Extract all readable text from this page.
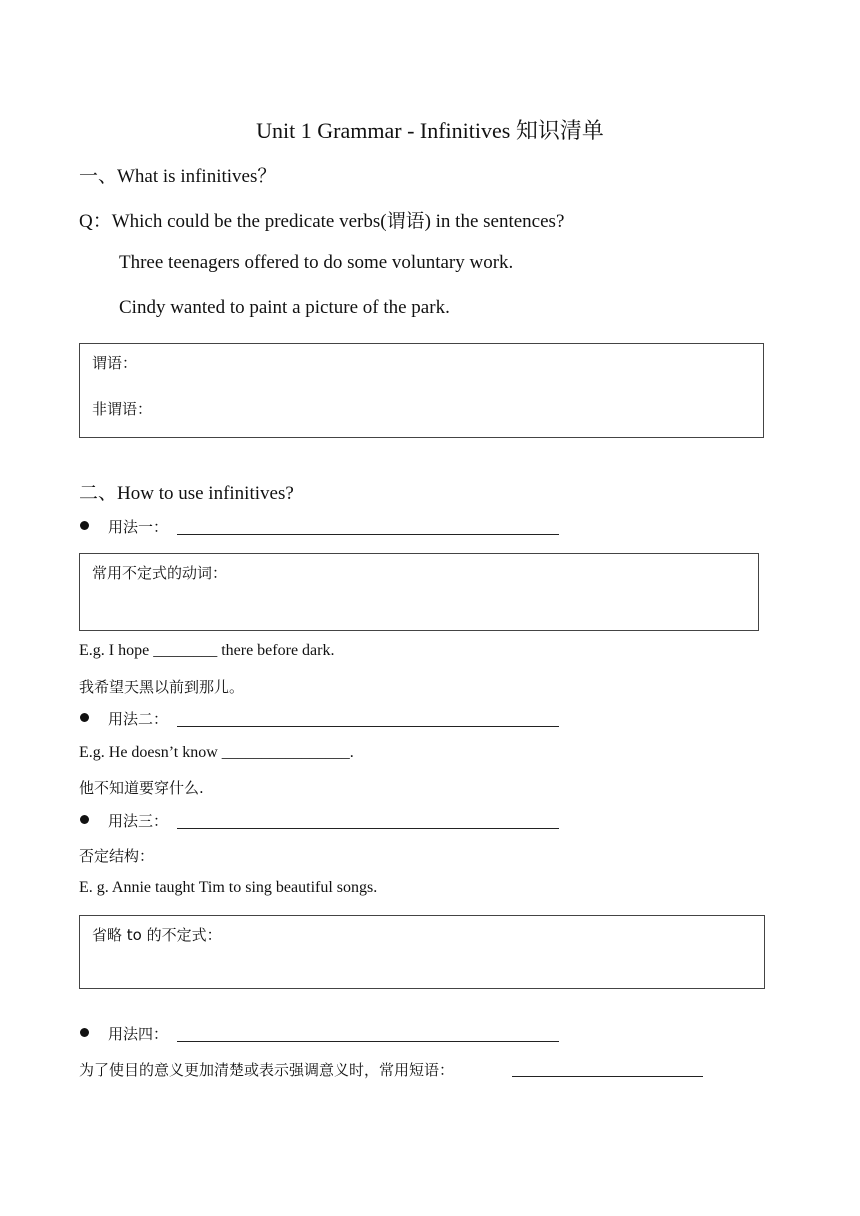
Unit 1 Grammar - Infinitives 知识清单
一、What is infinitives？
Q：Which could be the predicate verbs(谓语) in the sentences?
Three teenagers offered to do some voluntary work.
Cindy wanted to paint a picture of the park.
谓语：
非谓语：
二、How to use infinitives?
用法一：
常用不定式的动词：
E.g. I hope ________ there before dark.
我希望天黑以前到那儿。
用法二：
E.g. He doesn’t know ________________.
他不知道要穿什么.
用法三：
否定结构：
E. g. Annie taught Tim to sing beautiful songs.
省略 to 的不定式：
用法四：
为了使目的意义更加清楚或表示强调意义时，常用短语：
